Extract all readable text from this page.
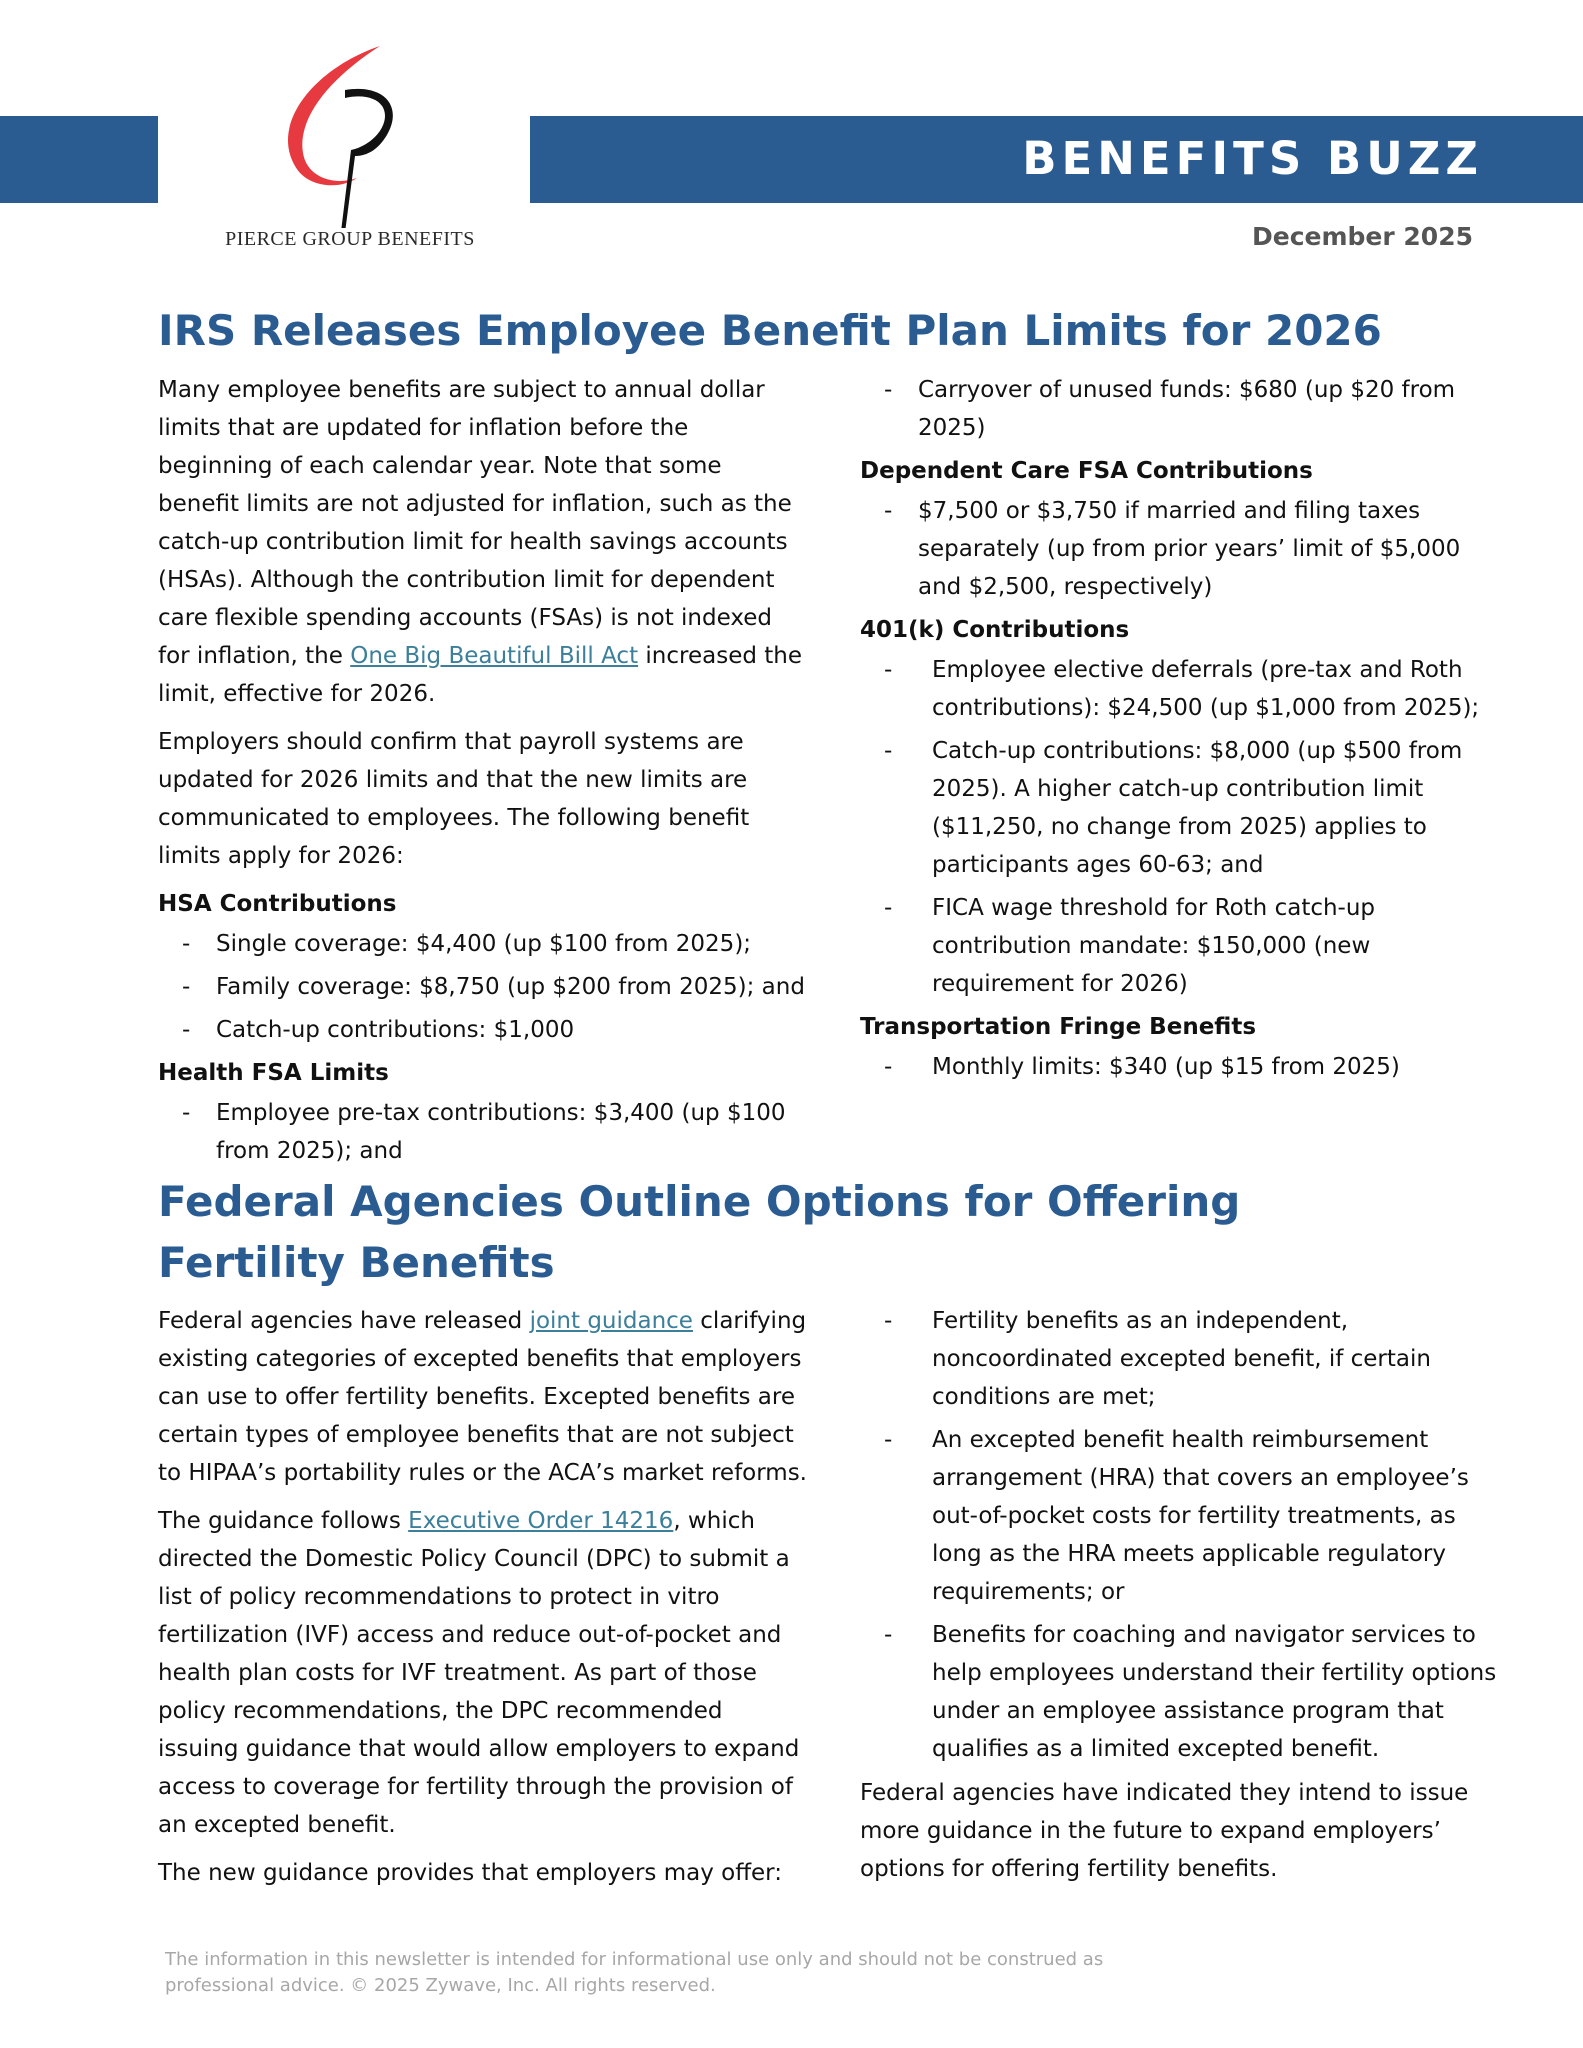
BENEFITS BUZZ
PIERCE GROUP BENEFITS	December 2025
IRS Releases Employee Benefit Plan Limits for 2026

Many employee benefits are subject to annual dollar limits that are updated for inflation before the beginning of each calendar year. Note that some benefit limits are not adjusted for inflation, such as the catch-up contribution limit for health savings accounts (HSAs). Although the contribution limit for dependent care flexible spending accounts (FSAs) is not indexed for inflation, the One Big Beautiful Bill Act increased the limit, effective for 2026.

Employers should confirm that payroll systems are updated for 2026 limits and that the new limits are communicated to employees. The following benefit limits apply for 2026:

HSA Contributions
- Single coverage: $4,400 (up $100 from 2025);
- Family coverage: $8,750 (up $200 from 2025); and
- Catch-up contributions: $1,000
Health FSA Limits
- Employee pre-tax contributions: $3,400 (up $100 from 2025); and
- Carryover of unused funds: $680 (up $20 from 2025)
Dependent Care FSA Contributions
- $7,500 or $3,750 if married and filing taxes separately (up from prior years’ limit of $5,000 and $2,500, respectively)
401(k) Contributions
- Employee elective deferrals (pre-tax and Roth contributions): $24,500 (up $1,000 from 2025);
- Catch-up contributions: $8,000 (up $500 from 2025). A higher catch-up contribution limit ($11,250, no change from 2025) applies to participants ages 60-63; and
- FICA wage threshold for Roth catch-up contribution mandate: $150,000 (new requirement for 2026)
Transportation Fringe Benefits
- Monthly limits: $340 (up $15 from 2025)
Federal Agencies Outline Options for Offering Fertility Benefits

Federal agencies have released joint guidance clarifying existing categories of excepted benefits that employers can use to offer fertility benefits. Excepted benefits are certain types of employee benefits that are not subject to HIPAA’s portability rules or the ACA’s market reforms.

The guidance follows Executive Order 14216, which directed the Domestic Policy Council (DPC) to submit a list of policy recommendations to protect in vitro fertilization (IVF) access and reduce out-of-pocket and health plan costs for IVF treatment. As part of those policy recommendations, the DPC recommended issuing guidance that would allow employers to expand access to coverage for fertility through the provision of an excepted benefit.

The new guidance provides that employers may offer:

- Fertility benefits as an independent, noncoordinated excepted benefit, if certain conditions are met;
- An excepted benefit health reimbursement arrangement (HRA) that covers an employee’s out-of-pocket costs for fertility treatments, as long as the HRA meets applicable regulatory requirements; or
- Benefits for coaching and navigator services to help employees understand their fertility options under an employee assistance program that qualifies as a limited excepted benefit.

Federal agencies have indicated they intend to issue more guidance in the future to expand employers’ options for offering fertility benefits.

The information in this newsletter is intended for informational use only and should not be construed as professional advice. © 2025 Zywave, Inc. All rights reserved.
